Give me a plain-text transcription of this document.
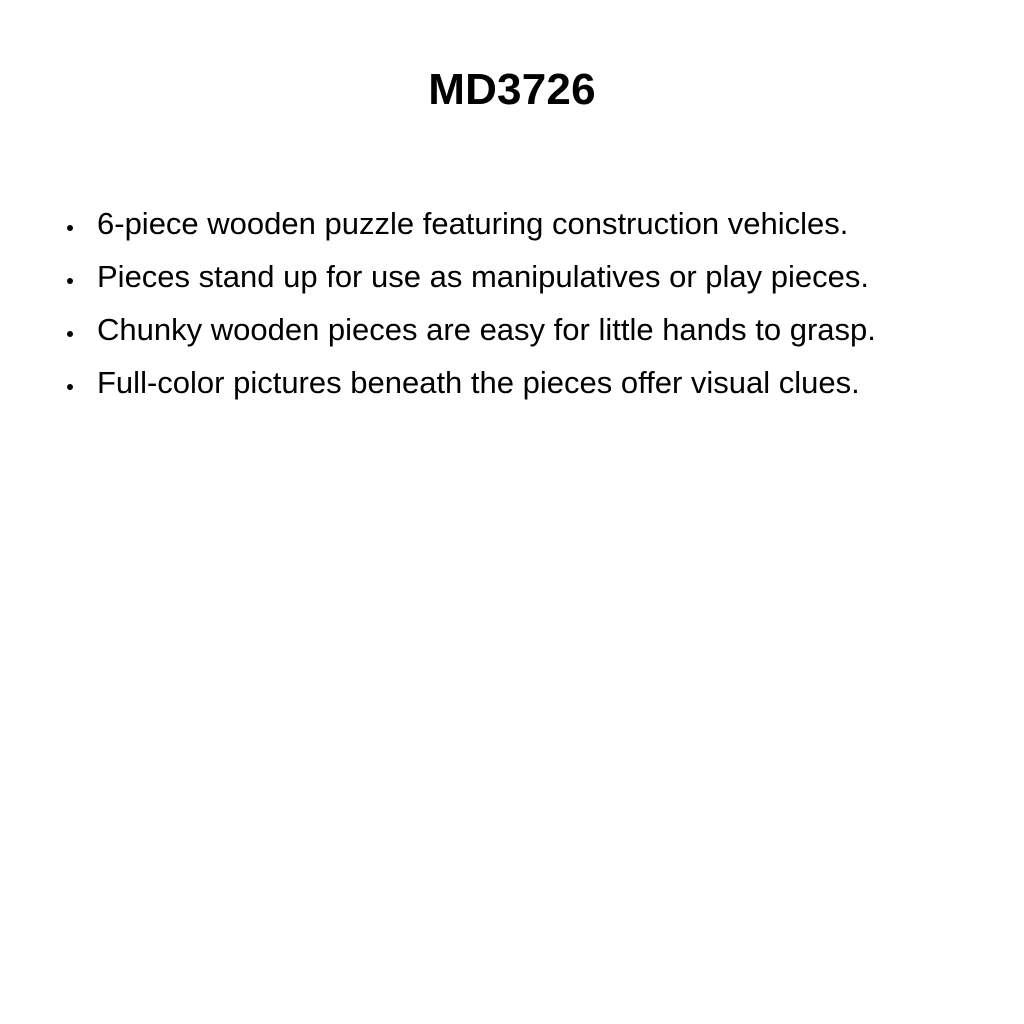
MD3726
6-piece wooden puzzle featuring construction vehicles.
Pieces stand up for use as manipulatives or play pieces.
Chunky wooden pieces are easy for little hands to grasp.
Full-color pictures beneath the pieces offer visual clues.
